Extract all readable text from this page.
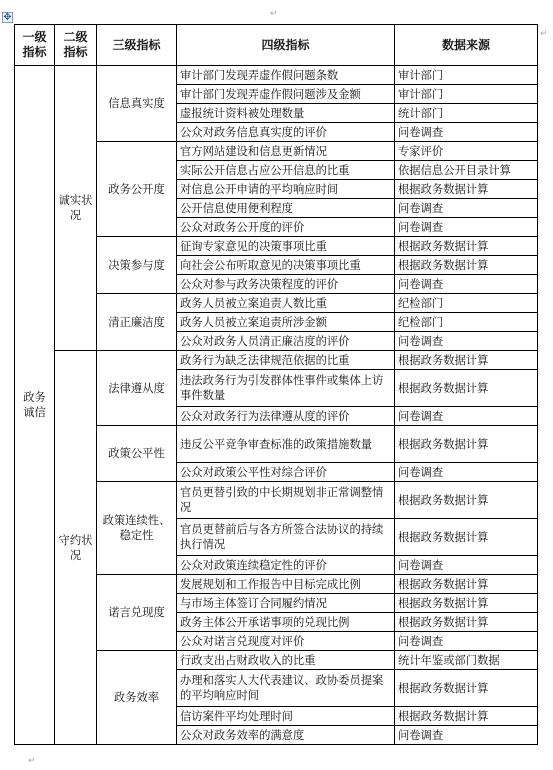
✥	↵
一级指标	二级指标	三级指标	四级指标	数据来源
政务诚信	诚实状况	信息真实度	审计部门发现弄虚作假问题条数	审计部门
			审计部门发现弄虚作假问题涉及金额	审计部门
			虚报统计资料被处理数量	统计部门
			公众对政务信息真实度的评价	问卷调查
		政务公开度	官方网站建设和信息更新情况	专家评价
			实际公开信息占应公开信息的比重	依据信息公开目录计算
			对信息公开申请的平均响应时间	根据政务数据计算
			公开信息使用便利程度	问卷调查
			公众对政务公开度的评价	问卷调查
		决策参与度	征询专家意见的决策事项比重	根据政务数据计算
			向社会公布听取意见的决策事项比重	根据政务数据计算
			公众对参与政务决策程度的评价	问卷调查
		清正廉洁度	政务人员被立案追责人数比重	纪检部门
			政务人员被立案追责所涉金额	纪检部门
			公众对政务人员清正廉洁度的评价	问卷调查
	守约状况	法律遵从度	政务行为缺乏法律规范依据的比重	根据政务数据计算
			违法政务行为引发群体性事件或集体上访事件数量	根据政务数据计算
			公众对政务行为法律遵从度的评价	问卷调查
		政策公平性	违反公平竞争审查标准的政策措施数量	根据政务数据计算
			公众对政策公平性对综合评价	问卷调查
		政策连续性、稳定性	官员更替引致的中长期规划非正常调整情况	根据政务数据计算
			官员更替前后与各方所签合法协议的持续执行情况	根据政务数据计算
			公众对政策连续稳定性的评价	问卷调查
		诺言兑现度	发展规划和工作报告中目标完成比例	根据政务数据计算
			与市场主体签订合同履约情况	根据政务数据计算
			政务主体公开承诺事项的兑现比例	根据政务数据计算
			公众对诺言兑现度对评价	问卷调查
		政务效率	行政支出占财政收入的比重	统计年鉴或部门数据
			办理和落实人大代表建议、政协委员提案的平均响应时间	根据政务数据计算
			信访案件平均处理时间	根据政务数据计算
			公众对政务效率的满意度	问卷调查
↵
↵
